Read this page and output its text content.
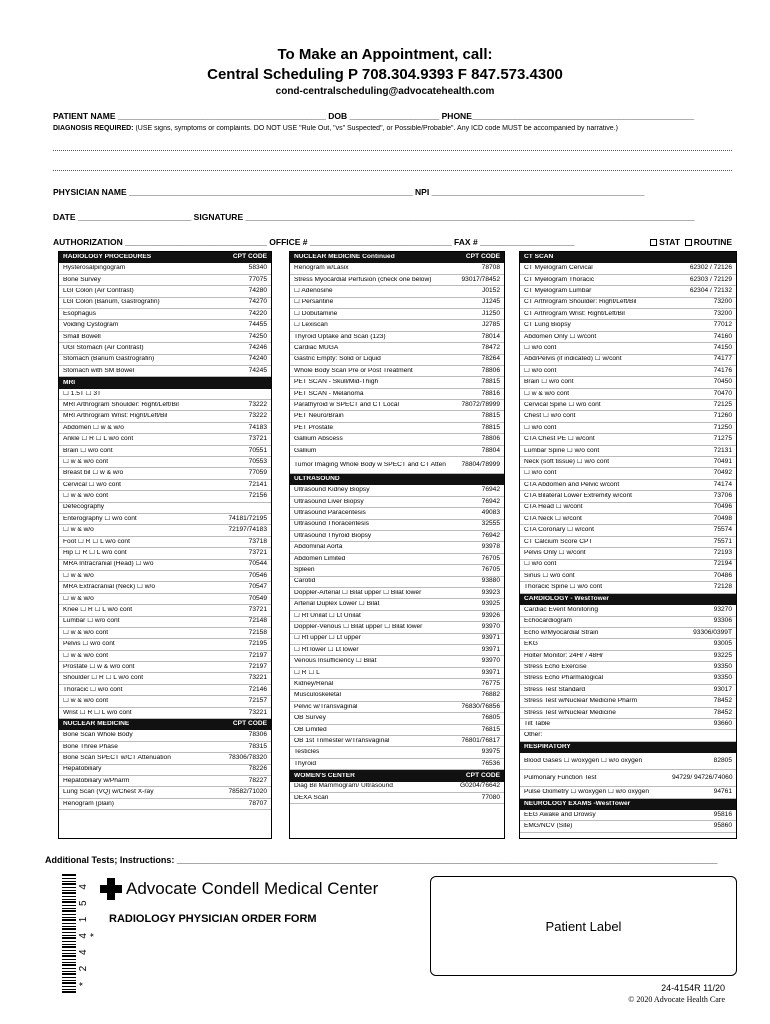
To Make an Appointment, call:
Central Scheduling P 708.304.9393 F 847.573.4300
cond-centralscheduling@advocatehealth.com
PATIENT NAME ____________________________________________ DOB ___________________ PHONE_______________________________________________
DIAGNOSIS REQUIRED: (USE signs, symptoms or complaints. DO NOT USE "Rule Out, "vs" Suspected", or Possible/Probable". Any ICD code MUST be accompanied by narrative.)
PHYSICIAN NAME ____________________________________________________________ NPI _____________________________________________
DATE ________________________ SIGNATURE _______________________________________________________________________________________________
AUTHORIZATION ______________________________ OFFICE # ______________________________ FAX # ____________________	STAT ROUTINE
RADIOLOGY PROCEDURES	CPT CODE
Hysterosalpingogram	58340
Bone Survey	77075
LGI Colon (Air Contrast)	74280
LGI Colon (Barium, Gastrografin)	74270
Esophagus	74220
Voiding Cystogram	74455
Small Bowell	74250
UGI Stomach (Air Contrast)	74246
Stomach (Barium Gastrografin)	74240
Stomach with SM Bowel	74245
MRI
☐ 1.5T ☐ 3T
MRI Arthrogram Shoulder: Right/Left/Bil	73222
MRI Arthrogram Wrist: Right/Left/Bil	73222
Abdomen ☐ w & w/o	74183
Ankle ☐ R ☐ L w/o cont	73721
Brain ☐ w/o cont	70551
☐ w & w/o cont	70553
Breast bil ☐ w & w/o	77059
Cervical ☐ w/o cont	72141
☐ w & w/o cont	72156
Defecography
Enterography ☐ w/o cont	74181/72195
☐ w & w/o	72197/74183
Foot ☐ R ☐ L w/o cont	73718
Hip ☐ R ☐ L w/o cont	73721
MRA Intracranial (Head) ☐ w/o	70544
☐ w & w/o	70546
MRA Extracranial (Neck) ☐ w/o	70547
☐ w & w/o	70549
Knee ☐ R ☐ L w/o cont	73721
Lumbar ☐ w/o cont	72148
☐ w & w/o cont	72158
Pelvis ☐ w/o cont	72195
☐ w & w/o cont	72197
Prostate ☐ w & w/o cont	72197
Shoulder ☐ R ☐ L w/o cont	73221
Thoracic ☐ w/o cont	72146
☐ w & w/o cont	72157
Wrist ☐ R ☐ L w/o cont	73221
NUCLEAR MEDICINE	CPT CODE
Bone Scan Whole Body	78306
Bone Three Phase	78315
Bone Scan SPECT w/CT Attenuation	78306/78320
Hepatobiliary	78226
Hepatobiliary w/Pharm	78227
Lung Scan (VQ) w/Chest X-ray	78582/71020
Renogram (plain)	78707
NUCLEAR MEDICINE Continued	CPT CODE
Renogram w/Lasix	78708
Stress Myocardial Perfusion (check one below)	93017/78452
☐ Adenosine	J0152
☐ Persantine	J1245
☐ Dobutamine	J1250
☐ Lexiscan	J2785
Thyroid Uptake and Scan (123)	78014
Cardiac MUGA	78472
Gastric Empty: Solid or Liquid	78264
Whole Body Scan Pre or Post Treatment	78806
PET SCAN - Skull/Mid-Thigh	78815
PET SCAN - Melanoma	78816
Parathyroid w SPECT and CT Local	78072/78999
PET Neuro/Brain	78815
PET Prostate	78815
Gallium Abscess	78806
Gallium	78804
Tumor Imaging Whole Body w SPECT and CT Atten	78804/78999
ULTRASOUND
Ultrasound Kidney Biopsy	76942
Ultrasound Liver Biopsy	76942
Ultrasound Paracentesis	49083
Ultrasound Thoracentesis	32555
Ultrasound Thyroid Biopsy	76942
Abdominal Aorta	93978
Abdomen Limited	76705
Spleen	76705
Carotid	93880
Doppler-Arterial ☐ Bilat upper ☐ Bilat lower	93923
Arterial Duplex Lower ☐ Bilat	93925
☐ Rt Unilat ☐ Lt Unilat	93926
Doppler-Venous ☐ Bilat upper ☐ Bilat lower	93970
☐ Rt upper ☐ Lt upper	93971
☐ Rt lower ☐ Lt lower	93971
Venous Insufficiency ☐ Bilat	93970
☐ R ☐ L	93971
Kidney/Renal	76775
Musculoskeletal	76882
Pelvic w/Transvaginal	76830/76856
OB Survey	76805
OB Limited	76815
OB 1st Trimester w/Transvaginal	76801/76817
Testicles	93975
Thyroid	76536
WOMEN'S CENTER	CPT CODE
Diag Bil Mammogram/ Ultrasound	G0204/76642
DEXA Scan	77080
CT SCAN
CT Myelogram Cervical	62302 / 72126
CT Myelogram Thoracic	62303 / 72129
CT Myelogram Lumbar	62304 / 72132
CT Arthrogram Shoulder: Right/Left/Bil	73200
CT Arthrogram Wrist: Right/Left/Bil	73200
CT Lung Biopsy	77012
Abdomen Only ☐ w/cont	74160
☐ w/o cont	74150
Abd/Pelvis (if indicated) ☐ w/cont	74177
☐ w/o cont	74176
Brain ☐ w/o cont	70450
☐ w & w/o cont	70470
Cervical Spine ☐ w/o cont	72125
Chest ☐ w/o cont	71260
☐ w/o cont	71250
CTA Chest PE ☐ w/cont	71275
Lumbar Spine ☐ w/o cont	72131
Neck (soft tissue) ☐ w/o cont	70491
☐ w/o cont	70492
CTA Abdomen and Pelvic w/cont	74174
CTA Bilateral Lower Extremity w/cont	73706
CTA Head ☐ w/cont	70496
CTA Neck ☐ w/cont	70498
CTA Coronary ☐ w/cont	75574
CT Calcium Score CPT	75571
Pelvis Only ☐ w/cont	72193
☐ w/o cont	72194
Sinus ☐ w/o cont	70486
Thoracic Spine ☐ w/o cont	72128
CARDIOLOGY - WestTower
Cardiac Event Monitoring	93270
Echocardiogram	93306
Echo w/Myocardial Strain	93306/0399T
EKG	93005
Holter Monitor: 24Hr / 48Hr	93225
Stress Echo Exercise	93350
Stress Echo Pharmalogical	93350
Stress Test Standard	93017
Stress Test w/Nuclear Medicine Pharm	78452
Stress Test w/Nuclear Medicine	78452
Tilt Table	93660
Other:
RESPIRATORY
Blood Gases ☐ w/oxygen ☐ w/o oxygen	82805
Pulmonary Function Test	94729/ 94726/74060
Pulse Oximetry ☐ w/oxygen ☐ w/o oxygen	94761
NEUROLOGY EXAMS -WestTower
EEG Awake and Drowsy	95816
EMG/NCV (Site)	95860
Additional Tests; Instructions: ____________________________________________________________________________________________________________
* 2 4 4 1 5 4 *
Advocate Condell Medical Center
RADIOLOGY PHYSICIAN ORDER FORM	Patient Label
24-4154R 11/20
© 2020 Advocate Health Care
